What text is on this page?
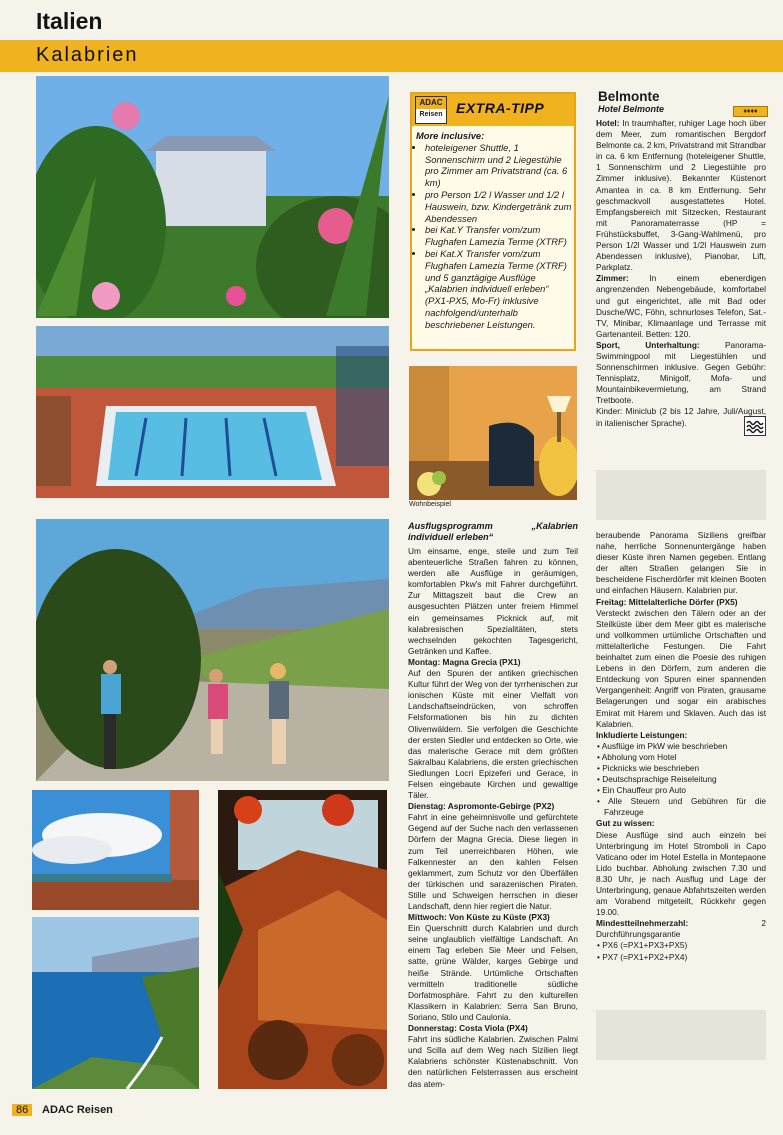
Italien
Kalabrien
ADAC
Reisen EXTRA-TIPP
More inclusive:
• hoteleigener Shuttle, 1 Sonnenschirm und 2 Liegestühle pro Zimmer am Privatstrand (ca. 6 km)
• pro Person 1/2 l Wasser und 1/2 l Hauswein, bzw. Kindergetränk zum Abendessen
• bei Kat.Y Transfer vom/zum Flughafen Lamezia Terme (XTRF)
• bei Kat.X Transfer vom/zum Flughafen Lamezia Terme (XTRF) und 5 ganztägige Ausflüge „Kalabrien individuell erleben“ (PX1-PX5, Mo-Fr) inklusive nachfolgend/unterhalb beschriebener Leistungen.
Wohnbeispiel

Ausflugsprogramm „Kalabrien individuell erleben“

Um einsame, enge, steile und zum Teil abenteuerliche Straßen fahren zu können, werden alle Ausflüge in geräumigen, komfortablen Pkw's mit Fahrer durchgeführt. Zur Mittagszeit baut die Crew an ausgesuchten Plätzen unter freiem Himmel ein gemeinsames Picknick auf, mit kalabresischen Spezialitäten, stets wechselnden gekochten Tagesgericht, Getränken und Kaffee.

Montag: Magna Grecia (PX1)

Auf den Spuren der antiken griechischen Kultur führt der Weg von der tyrrhenischen zur ionischen Küste mit einer Vielfalt von Landschaftseindrücken, von schroffen Felsformationen bis hin zu dichten Olivenwäldern. Sie verfolgen die Geschichte der ersten Siedler und entdecken so Orte, wie das malerische Gerace mit dem größten Sakralbau Kalabriens, die ersten griechischen Siedlungen Locri Epizeferi und Gerace, in Felsen eingebaute Kirchen und gewaltige Täler.

Dienstag: Aspromonte-Gebirge (PX2)

Fahrt in eine geheimnisvolle und gefürchtete Gegend auf der Suche nach den verlassenen Dörfern der Magna Grecia. Diese liegen in zum Teil unerreichbaren Höhen, wie Falkennester an den kahlen Felsen geklammert, zum Schutz vor den Überfällen der türkischen und sarazenischen Piraten. Stille und Schweigen herrschen in dieser Landschaft, denn hier regiert die Natur.

Mittwoch: Von Küste zu Küste (PX3)

Ein Querschnitt durch Kalabrien und durch seine unglaublich vielfältige Landschaft. An einem Tag erleben Sie Meer und Felsen, satte, grüne Wälder, karges Gebirge und heiße Strände. Urtümliche Ortschaften vermitteln traditionelle südliche Dorfatmosphäre. Fahrt zu den kulturellen Klassikern in Kalabrien: Serra San Bruno, Soriano, Stilo und Caulonia.

Donnerstag: Costa Viola (PX4)

Fahrt ins südliche Kalabrien. Zwischen Palmi und Scilla auf dem Weg nach Sizilien liegt Kalabriens schönster Küstenabschnitt. Von den natürlichen Felsterrassen aus erscheint das atem-

Belmonte
Hotel Belmonte	♦♦♦♦

Hotel: In traumhafter, ruhiger Lage hoch über dem Meer, zum romantischen Bergdorf Belmonte ca. 2 km, Privatstrand mit Strandbar in ca. 6 km Entfernung (hoteleigener Shuttle, 1 Sonnenschirm und 2 Liegestühle pro Zimmer inklusive). Bekannter Küstenort Amantea in ca. 8 km Entfernung. Sehr geschmackvoll ausgestattetes Hotel. Empfangsbereich mit Sitzecken, Restaurant mit Panoramaterrasse (HP = Frühstücksbuffet, 3-Gang-Wahlmenü, pro Person 1/2l Wasser und 1/2l Hauswein zum Abendessen inklusive), Pianobar, Lift, Parkplatz.

Zimmer: In einem ebenerdigen angrenzenden Nebengebäude, komfortabel und gut eingerichtet, alle mit Bad oder Dusche/WC, Föhn, schnurloses Telefon, Sat.-TV, Minibar, Klimaanlage und Terrasse mit Gartenanteil. Betten: 120.

Sport, Unterhaltung:	Panorama-Swimmingpool mit Liegestühlen und Sonnenschirmen inklusive. Gegen Gebühr: Tennisplatz, Minigolf, Mofa- und Mountainbikevermietung, am Strand Tretboote.

Kinder: Miniclub (2 bis 12 Jahre, Juli/August, in italienischer Sprache).

beraubende Panorama Siziliens greifbar nahe, herrliche Sonnenuntergänge haben dieser Küste ihren Namen gegeben. Entlang der alten Straßen gelangen Sie in bescheidene Fischerdörfer mit kleinen Booten und einfachen Häusern. Kalabrien pur.

Freitag: Mittelalterliche Dörfer (PX5)

Versteckt zwischen den Tälern oder an der Steilküste über dem Meer gibt es malerische und vollkommen urtümliche Ortschaften und mittelalterliche Festungen. Die Fahrt beinhaltet zum einen die Poesie des ruhigen Lebens in den Dörfern, zum anderen die Entdeckung von Spuren einer spannenden Vergangenheit: Angriff von Piraten, grausame Belagerungen und sogar ein arabisches Emirat mit Harem und Sklaven. Auch das ist Kalabrien.

Inkludierte Leistungen:

• Ausflüge im PkW wie beschrieben

• Abholung vom Hotel

• Picknicks wie beschrieben

• Deutschsprachige Reiseleitung

• Ein Chauffeur pro Auto

• Alle Steuern und Gebühren für die Fahrzeuge

Gut zu wissen:

Diese Ausflüge sind auch einzeln bei Unterbringung im Hotel Stromboli in Capo Vaticano oder im Hotel Estella in Montepaone Lido buchbar. Abholung zwischen 7.30 und 8.30 Uhr, je nach Ausflug und Lage der Unterbringung, genaue Abfahrtszeiten werden am Vorabend mitgeteilt, Rückkehr gegen 19.00.

Mindestteilnehmerzahl:	2 Durchführungsgarantie

• PX6 (=PX1+PX3+PX5)

• PX7 (=PX1+PX2+PX4)

86	ADAC Reisen
